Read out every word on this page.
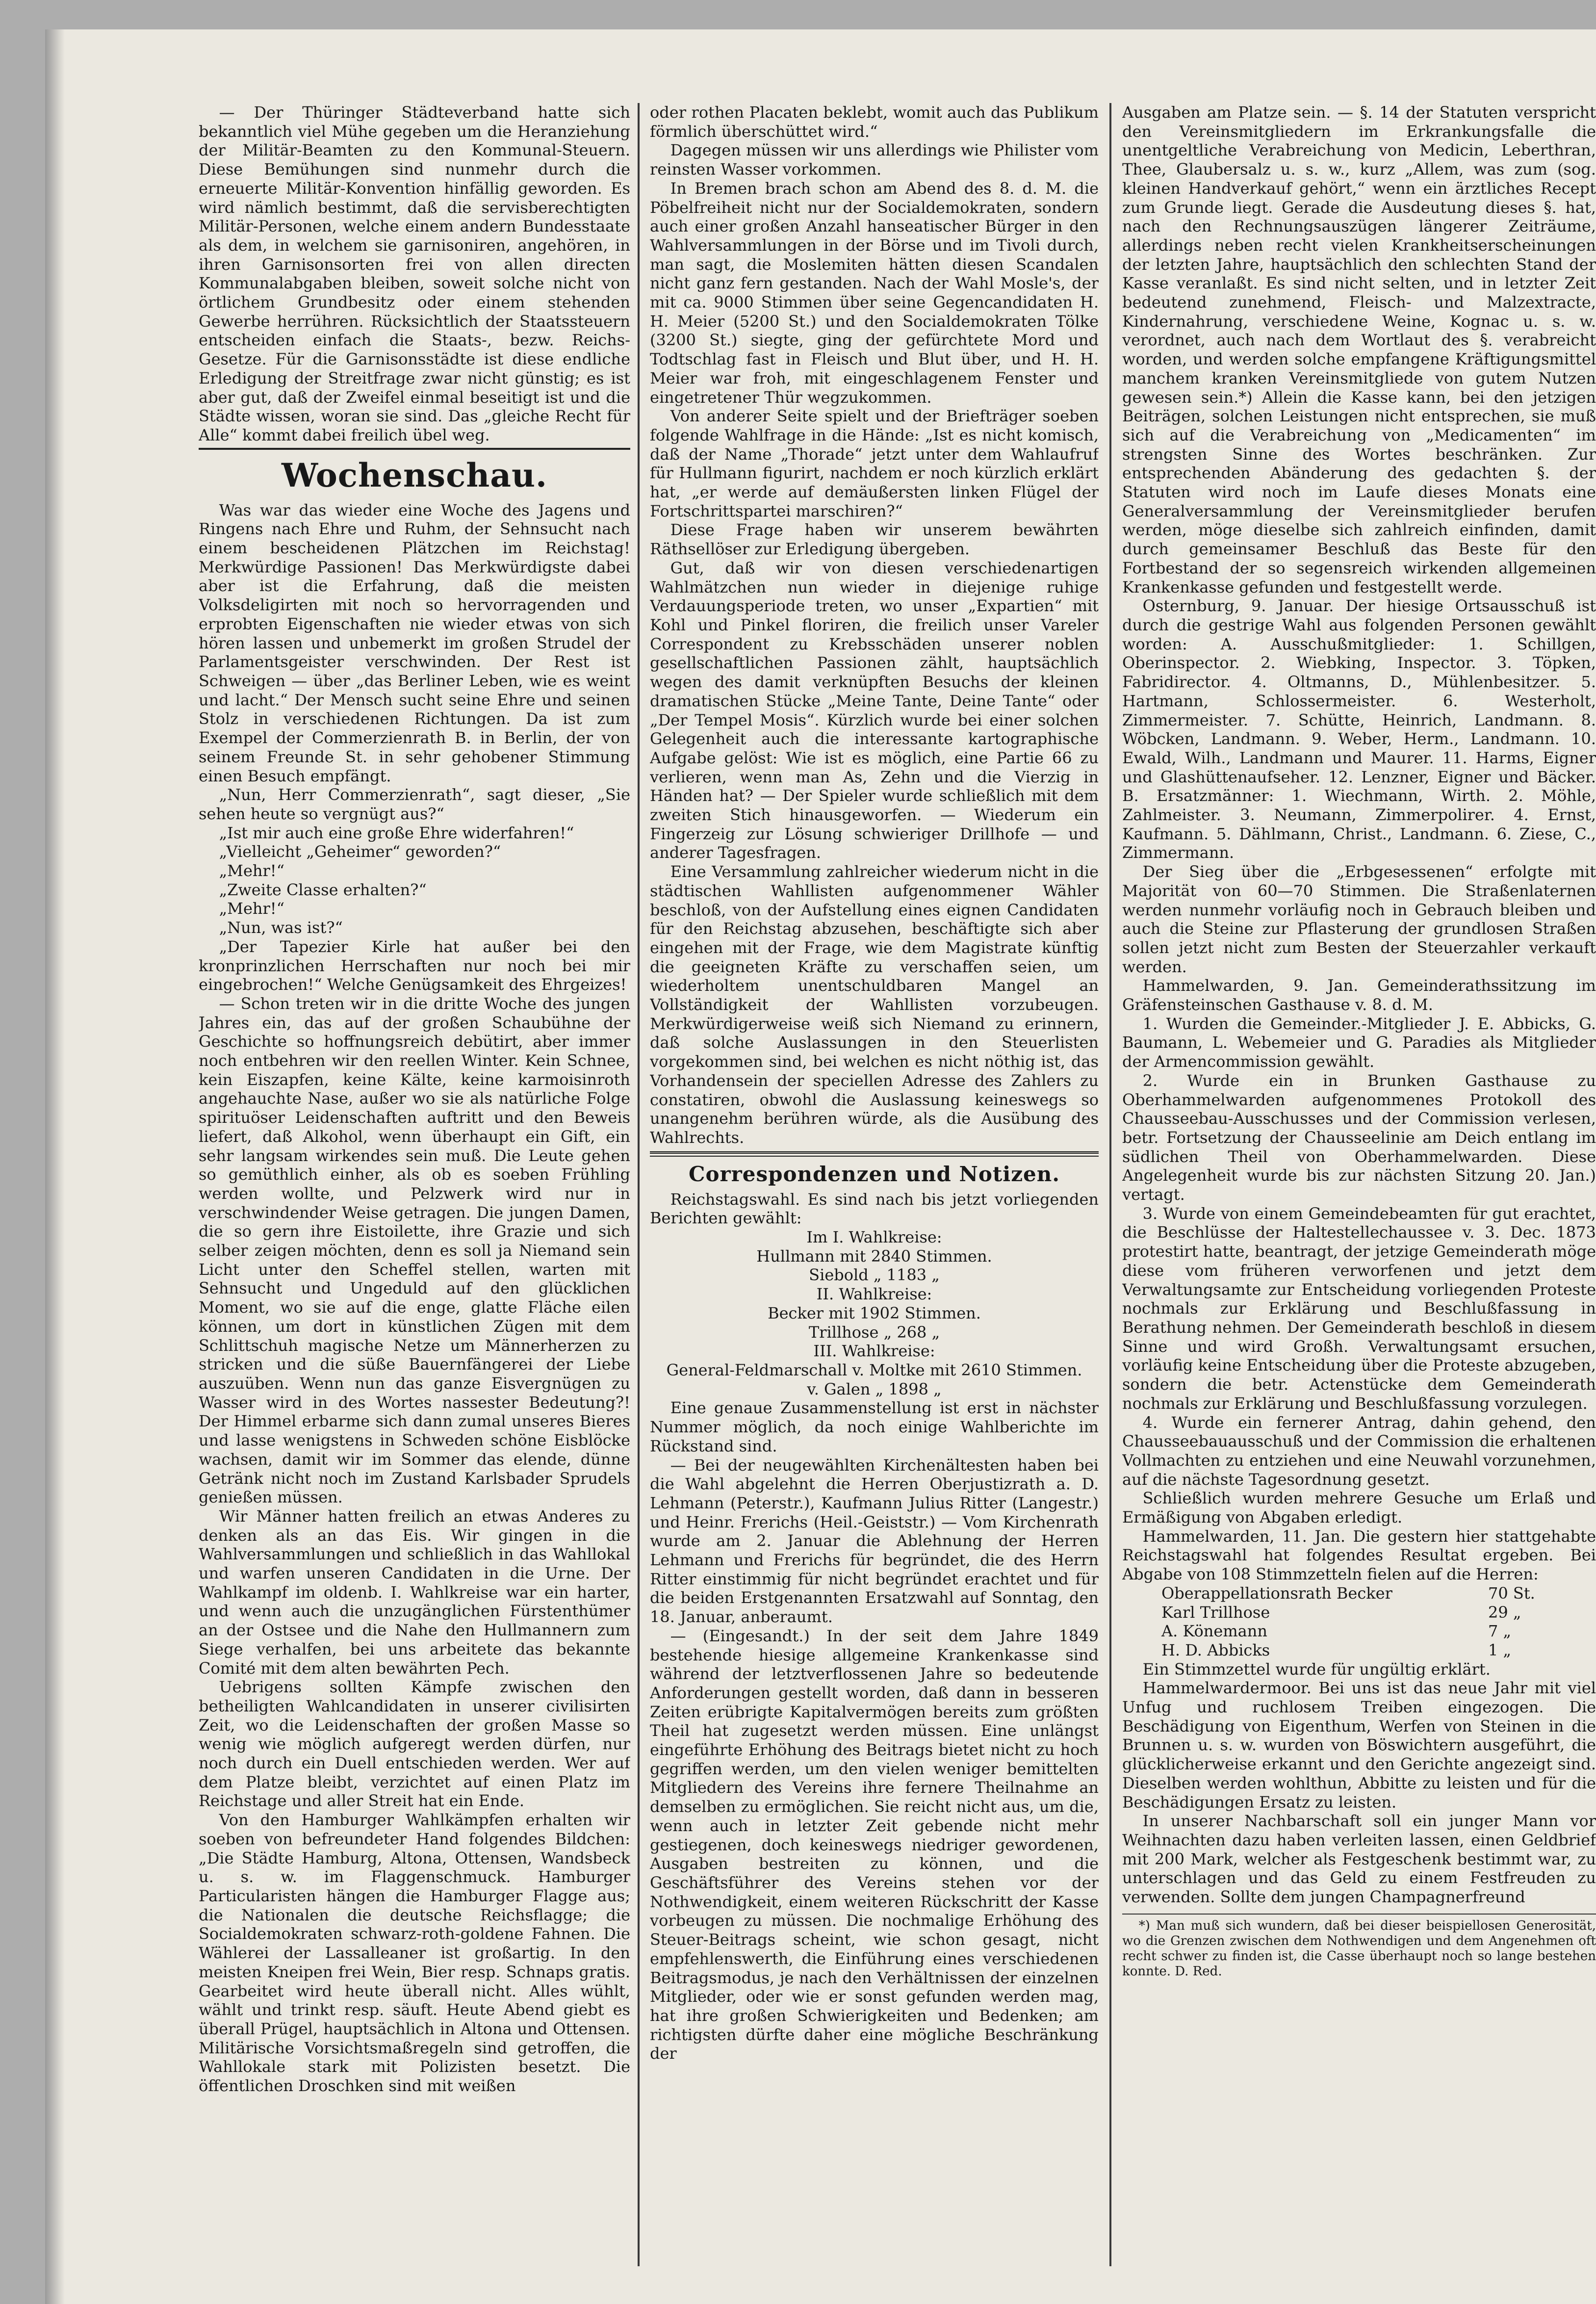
— Der Thüringer Städteverband hatte sich bekanntlich viel Mühe gegeben um die Heranziehung der Militär-Beamten zu den Kommunal-Steuern. Diese Bemühungen sind nunmehr durch die erneuerte Militär-Konvention hinfällig geworden. Es wird nämlich bestimmt, daß die servisberechtigten Militär-Personen, welche einem andern Bundesstaate als dem, in welchem sie garnisoniren, angehören, in ihren Garnisonsorten frei von allen directen Kommunalabgaben bleiben, soweit solche nicht von örtlichem Grundbesitz oder einem stehenden Gewerbe herrühren. Rücksichtlich der Staatssteuern entscheiden einfach die Staats-, bezw. Reichs-Gesetze. Für die Garnisonsstädte ist diese endliche Erledigung der Streitfrage zwar nicht günstig; es ist aber gut, daß der Zweifel einmal beseitigt ist und die Städte wissen, woran sie sind. Das „gleiche Recht für Alle“ kommt dabei freilich übel weg.

Wochenschau.

Was war das wieder eine Woche des Jagens und Ringens nach Ehre und Ruhm, der Sehnsucht nach einem bescheidenen Plätzchen im Reichstag! Merkwürdige Passionen! Das Merkwürdigste dabei aber ist die Erfahrung, daß die meisten Volksdeligirten mit noch so hervorragenden und erprobten Eigenschaften nie wieder etwas von sich hören lassen und unbemerkt im großen Strudel der Parlamentsgeister verschwinden. Der Rest ist Schweigen — über „das Berliner Leben, wie es weint und lacht.“ Der Mensch sucht seine Ehre und seinen Stolz in verschiedenen Richtungen. Da ist zum Exempel der Commerzienrath B. in Berlin, der von seinem Freunde St. in sehr gehobener Stimmung einen Besuch empfängt.

„Nun, Herr Commerzienrath“, sagt dieser, „Sie sehen heute so vergnügt aus?“

„Ist mir auch eine große Ehre widerfahren!“

„Vielleicht „Geheimer“ geworden?“

„Mehr!“

„Zweite Classe erhalten?“

„Mehr!“

„Nun, was ist?“

„Der Tapezier Kirle hat außer bei den kronprinzlichen Herrschaften nur noch bei mir eingebrochen!“ Welche Genügsamkeit des Ehrgeizes!

— Schon treten wir in die dritte Woche des jungen Jahres ein, das auf der großen Schaubühne der Geschichte so hoffnungsreich debütirt, aber immer noch entbehren wir den reellen Winter. Kein Schnee, kein Eiszapfen, keine Kälte, keine karmoisinroth angehauchte Nase, außer wo sie als natürliche Folge spirituöser Leidenschaften auftritt und den Beweis liefert, daß Alkohol, wenn überhaupt ein Gift, ein sehr langsam wirkendes sein muß. Die Leute gehen so gemüthlich einher, als ob es soeben Frühling werden wollte, und Pelzwerk wird nur in verschwindender Weise getragen. Die jungen Damen, die so gern ihre Eistoilette, ihre Grazie und sich selber zeigen möchten, denn es soll ja Niemand sein Licht unter den Scheffel stellen, warten mit Sehnsucht und Ungeduld auf den glücklichen Moment, wo sie auf die enge, glatte Fläche eilen können, um dort in künstlichen Zügen mit dem Schlittschuh magische Netze um Männerherzen zu stricken und die süße Bauernfängerei der Liebe auszuüben. Wenn nun das ganze Eisvergnügen zu Wasser wird in des Wortes nassester Bedeutung?! Der Himmel erbarme sich dann zumal unseres Bieres und lasse wenigstens in Schweden schöne Eisblöcke wachsen, damit wir im Sommer das elende, dünne Getränk nicht noch im Zustand Karlsbader Sprudels genießen müssen.

Wir Männer hatten freilich an etwas Anderes zu denken als an das Eis. Wir gingen in die Wahlversammlungen und schließlich in das Wahllokal und warfen unseren Candidaten in die Urne. Der Wahlkampf im oldenb. I. Wahlkreise war ein harter, und wenn auch die unzugänglichen Fürstenthümer an der Ostsee und die Nahe den Hullmannern zum Siege verhalfen, bei uns arbeitete das bekannte Comité mit dem alten bewährten Pech.

Uebrigens sollten Kämpfe zwischen den betheiligten Wahlcandidaten in unserer civilisirten Zeit, wo die Leidenschaften der großen Masse so wenig wie möglich aufgeregt werden dürfen, nur noch durch ein Duell entschieden werden. Wer auf dem Platze bleibt, verzichtet auf einen Platz im Reichstage und aller Streit hat ein Ende.

Von den Hamburger Wahlkämpfen erhalten wir soeben von befreundeter Hand folgendes Bildchen: „Die Städte Hamburg, Altona, Ottensen, Wandsbeck u. s. w. im Flaggenschmuck. Hamburger Particularisten hängen die Hamburger Flagge aus; die Nationalen die deutsche Reichsflagge; die Socialdemokraten schwarz-roth-goldene Fahnen. Die Wählerei der Lassalleaner ist großartig. In den meisten Kneipen frei Wein, Bier resp. Schnaps gratis. Gearbeitet wird heute überall nicht. Alles wühlt, wählt und trinkt resp. säuft. Heute Abend giebt es überall Prügel, hauptsächlich in Altona und Ottensen. Militärische Vorsichtsmaßregeln sind getroffen, die Wahllokale stark mit Polizisten besetzt. Die öffentlichen Droschken sind mit weißen

oder rothen Placaten beklebt, womit auch das Publikum förmlich überschüttet wird.“

Dagegen müssen wir uns allerdings wie Philister vom reinsten Wasser vorkommen.

In Bremen brach schon am Abend des 8. d. M. die Pöbelfreiheit nicht nur der Socialdemokraten, sondern auch einer großen Anzahl hanseatischer Bürger in den Wahlversammlungen in der Börse und im Tivoli durch, man sagt, die Moslemiten hätten diesen Scandalen nicht ganz fern gestanden. Nach der Wahl Mosle's, der mit ca. 9000 Stimmen über seine Gegencandidaten H. H. Meier (5200 St.) und den Socialdemokraten Tölke (3200 St.) siegte, ging der gefürchtete Mord und Todtschlag fast in Fleisch und Blut über, und H. H. Meier war froh, mit eingeschlagenem Fenster und eingetretener Thür wegzukommen.

Von anderer Seite spielt und der Briefträger soeben folgende Wahlfrage in die Hände: „Ist es nicht komisch, daß der Name „Thorade“ jetzt unter dem Wahlaufruf für Hullmann figurirt, nachdem er noch kürzlich erklärt hat, „er werde auf demäußersten linken Flügel der Fortschrittspartei marschiren?“

Diese Frage haben wir unserem bewährten Räthsellöser zur Erledigung übergeben.

Gut, daß wir von diesen verschiedenartigen Wahlmätzchen nun wieder in diejenige ruhige Verdauungsperiode treten, wo unser „Expartien“ mit Kohl und Pinkel floriren, die freilich unser Vareler Correspondent zu Krebsschäden unserer noblen gesellschaftlichen Passionen zählt, hauptsächlich wegen des damit verknüpften Besuchs der kleinen dramatischen Stücke „Meine Tante, Deine Tante“ oder „Der Tempel Mosis“. Kürzlich wurde bei einer solchen Gelegenheit auch die interessante kartographische Aufgabe gelöst: Wie ist es möglich, eine Partie 66 zu verlieren, wenn man As, Zehn und die Vierzig in Händen hat? — Der Spieler wurde schließlich mit dem zweiten Stich hinausgeworfen. — Wiederum ein Fingerzeig zur Lösung schwieriger Drillhofe — und anderer Tagesfragen.

Eine Versammlung zahlreicher wiederum nicht in die städtischen Wahllisten aufgenommener Wähler beschloß, von der Aufstellung eines eignen Candidaten für den Reichstag abzusehen, beschäftigte sich aber eingehen mit der Frage, wie dem Magistrate künftig die geeigneten Kräfte zu verschaffen seien, um wiederholtem unentschuldbaren Mangel an Vollständigkeit der Wahllisten vorzubeugen. Merkwürdigerweise weiß sich Niemand zu erinnern, daß solche Auslassungen in den Steuerlisten vorgekommen sind, bei welchen es nicht nöthig ist, das Vorhandensein der speciellen Adresse des Zahlers zu constatiren, obwohl die Auslassung keineswegs so unangenehm berühren würde, als die Ausübung des Wahlrechts.

Correspondenzen und Notizen.

Reichstagswahl. Es sind nach bis jetzt vorliegenden Berichten gewählt:

Im I. Wahlkreise:

Hullmann mit 2840 Stimmen.

Siebold „ 1183 „

II. Wahlkreise:

Becker mit 1902 Stimmen.

Trillhose „ 268 „

III. Wahlkreise:

General-Feldmarschall v. Moltke mit 2610 Stimmen.

v. Galen „ 1898 „

Eine genaue Zusammenstellung ist erst in nächster Nummer möglich, da noch einige Wahlberichte im Rückstand sind.

— Bei der neugewählten Kirchenältesten haben bei die Wahl abgelehnt die Herren Oberjustizrath a. D. Lehmann (Peterstr.), Kaufmann Julius Ritter (Langestr.) und Heinr. Frerichs (Heil.-Geiststr.) — Vom Kirchenrath wurde am 2. Januar die Ablehnung der Herren Lehmann und Frerichs für begründet, die des Herrn Ritter einstimmig für nicht begründet erachtet und für die beiden Erstgenannten Ersatzwahl auf Sonntag, den 18. Januar, anberaumt.

— (Eingesandt.) In der seit dem Jahre 1849 bestehende hiesige allgemeine Krankenkasse sind während der letztverflossenen Jahre so bedeutende Anforderungen gestellt worden, daß dann in besseren Zeiten erübrigte Kapitalvermögen bereits zum größten Theil hat zugesetzt werden müssen. Eine unlängst eingeführte Erhöhung des Beitrags bietet nicht zu hoch gegriffen werden, um den vielen weniger bemittelten Mitgliedern des Vereins ihre fernere Theilnahme an demselben zu ermöglichen. Sie reicht nicht aus, um die, wenn auch in letzter Zeit gebende nicht mehr gestiegenen, doch keineswegs niedriger gewordenen, Ausgaben bestreiten zu können, und die Geschäftsführer des Vereins stehen vor der Nothwendigkeit, einem weiteren Rückschritt der Kasse vorbeugen zu müssen. Die nochmalige Erhöhung des Steuer-Beitrags scheint, wie schon gesagt, nicht empfehlenswerth, die Einführung eines verschiedenen Beitragsmodus, je nach den Verhältnissen der einzelnen Mitglieder, oder wie er sonst gefunden werden mag, hat ihre großen Schwierigkeiten und Bedenken; am richtigsten dürfte daher eine mögliche Beschränkung der

Ausgaben am Platze sein. — §. 14 der Statuten verspricht den Vereinsmitgliedern im Erkrankungsfalle die unentgeltliche Verabreichung von Medicin, Leberthran, Thee, Glaubersalz u. s. w., kurz „Allem, was zum (sog. kleinen Handverkauf gehört,“ wenn ein ärztliches Recept zum Grunde liegt. Gerade die Ausdeutung dieses §. hat, nach den Rechnungsauszügen längerer Zeiträume, allerdings neben recht vielen Krankheitserscheinungen der letzten Jahre, hauptsächlich den schlechten Stand der Kasse veranlaßt. Es sind nicht selten, und in letzter Zeit bedeutend zunehmend, Fleisch- und Malzextracte, Kindernahrung, verschiedene Weine, Kognac u. s. w. verordnet, auch nach dem Wortlaut des §. verabreicht worden, und werden solche empfangene Kräftigungsmittel manchem kranken Vereinsmitgliede von gutem Nutzen gewesen sein.*) Allein die Kasse kann, bei den jetzigen Beiträgen, solchen Leistungen nicht entsprechen, sie muß sich auf die Verabreichung von „Medicamenten“ im strengsten Sinne des Wortes beschränken. Zur entsprechenden Abänderung des gedachten §. der Statuten wird noch im Laufe dieses Monats eine Generalversammlung der Vereinsmitglieder berufen werden, möge dieselbe sich zahlreich einfinden, damit durch gemeinsamer Beschluß das Beste für den Fortbestand der so segensreich wirkenden allgemeinen Krankenkasse gefunden und festgestellt werde.

Osternburg, 9. Januar. Der hiesige Ortsausschuß ist durch die gestrige Wahl aus folgenden Personen gewählt worden: A. Ausschußmitglieder: 1. Schillgen, Oberinspector. 2. Wiebking, Inspector. 3. Töpken, Fabridirector. 4. Oltmanns, D., Mühlenbesitzer. 5. Hartmann, Schlossermeister. 6. Westerholt, Zimmermeister. 7. Schütte, Heinrich, Landmann. 8. Wöbcken, Landmann. 9. Weber, Herm., Landmann. 10. Ewald, Wilh., Landmann und Maurer. 11. Harms, Eigner und Glashüttenaufseher. 12. Lenzner, Eigner und Bäcker. B. Ersatzmänner: 1. Wiechmann, Wirth. 2. Möhle, Zahlmeister. 3. Neumann, Zimmerpolirer. 4. Ernst, Kaufmann. 5. Dählmann, Christ., Landmann. 6. Ziese, C., Zimmermann.

Der Sieg über die „Erbgesessenen“ erfolgte mit Majorität von 60—70 Stimmen. Die Straßenlaternen werden nunmehr vorläufig noch in Gebrauch bleiben und auch die Steine zur Pflasterung der grundlosen Straßen sollen jetzt nicht zum Besten der Steuerzahler verkauft werden.

Hammelwarden, 9. Jan. Gemeinderathssitzung im Gräfensteinschen Gasthause v. 8. d. M.

1. Wurden die Gemeinder.-Mitglieder J. E. Abbicks, G. Baumann, L. Webemeier und G. Paradies als Mitglieder der Armencommission gewählt.

2. Wurde ein in Brunken Gasthause zu Oberhammelwarden aufgenommenes Protokoll des Chausseebau-Ausschusses und der Commission verlesen, betr. Fortsetzung der Chausseelinie am Deich entlang im südlichen Theil von Oberhammelwarden. Diese Angelegenheit wurde bis zur nächsten Sitzung 20. Jan.) vertagt.

3. Wurde von einem Gemeindebeamten für gut erachtet, die Beschlüsse der Haltestellechaussee v. 3. Dec. 1873 protestirt hatte, beantragt, der jetzige Gemeinderath möge diese vom früheren verworfenen und jetzt dem Verwaltungsamte zur Entscheidung vorliegenden Proteste nochmals zur Erklärung und Beschlußfassung in Berathung nehmen. Der Gemeinderath beschloß in diesem Sinne und wird Großh. Verwaltungsamt ersuchen, vorläufig keine Entscheidung über die Proteste abzugeben, sondern die betr. Actenstücke dem Gemeinderath nochmals zur Erklärung und Beschlußfassung vorzulegen.

4. Wurde ein fernerer Antrag, dahin gehend, den Chausseebauausschuß und der Commission die erhaltenen Vollmachten zu entziehen und eine Neuwahl vorzunehmen, auf die nächste Tagesordnung gesetzt.

Schließlich wurden mehrere Gesuche um Erlaß und Ermäßigung von Abgaben erledigt.

Hammelwarden, 11. Jan. Die gestern hier stattgehabte Reichstagswahl hat folgendes Resultat ergeben. Bei Abgabe von 108 Stimmzetteln fielen auf die Herren:

Oberappellationsrath Becker	70 St.
Karl Trillhose	29 „
A. Könemann	7 „
H. D. Abbicks	1 „

Ein Stimmzettel wurde für ungültig erklärt.

Hammelwardermoor. Bei uns ist das neue Jahr mit viel Unfug und ruchlosem Treiben eingezogen. Die Beschädigung von Eigenthum, Werfen von Steinen in die Brunnen u. s. w. wurden von Böswichtern ausgeführt, die glücklicherweise erkannt und den Gerichte angezeigt sind. Dieselben werden wohlthun, Abbitte zu leisten und für die Beschädigungen Ersatz zu leisten.

In unserer Nachbarschaft soll ein junger Mann vor Weihnachten dazu haben verleiten lassen, einen Geldbrief mit 200 Mark, welcher als Festgeschenk bestimmt war, zu unterschlagen und das Geld zu einem Festfreuden zu verwenden. Sollte dem jungen Champagnerfreund

*) Man muß sich wundern, daß bei dieser beispiellosen Generosität, wo die Grenzen zwischen dem Nothwendigen und dem Angenehmen oft recht schwer zu finden ist, die Casse überhaupt noch so lange bestehen konnte. D. Red.
